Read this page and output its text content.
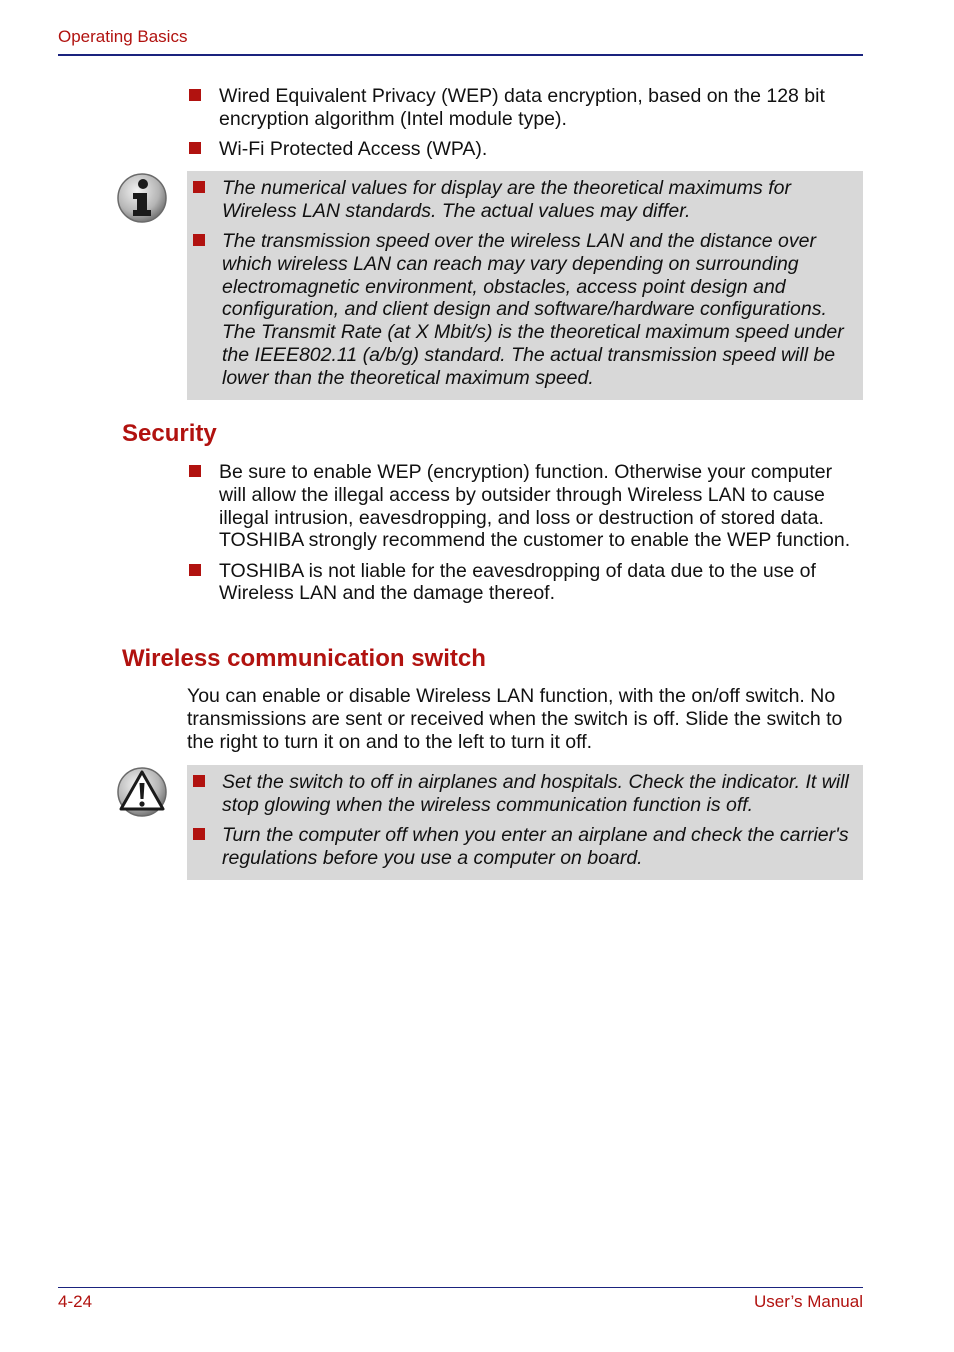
Operating Basics
Wired Equivalent Privacy (WEP) data encryption, based on the 128 bit encryption algorithm (Intel module type).
Wi-Fi Protected Access (WPA).
The numerical values for display are the theoretical maximums for Wireless LAN standards. The actual values may differ.
The transmission speed over the wireless LAN and the distance over which wireless LAN can reach may vary depending on surrounding electromagnetic environment, obstacles, access point design and configuration, and client design and software/hardware configurations. The Transmit Rate (at X Mbit/s) is the theoretical maximum speed under the IEEE802.11 (a/b/g) standard. The actual transmission speed will be lower than the theoretical maximum speed.
Security
Be sure to enable WEP (encryption) function. Otherwise your computer will allow the illegal access by outsider through Wireless LAN to cause illegal intrusion, eavesdropping, and loss or destruction of stored data. TOSHIBA strongly recommend the customer to enable the WEP function.
TOSHIBA is not liable for the eavesdropping of data due to the use of Wireless LAN and the damage thereof.
Wireless communication switch

You can enable or disable Wireless LAN function, with the on/off switch. No transmissions are sent or received when the switch is off. Slide the switch to the right to turn it on and to the left to turn it off.

Set the switch to off in airplanes and hospitals. Check the indicator. It will stop glowing when the wireless communication function is off.
Turn the computer off when you enter an airplane and check the carrier's regulations before you use a computer on board.
4-24	User’s Manual
